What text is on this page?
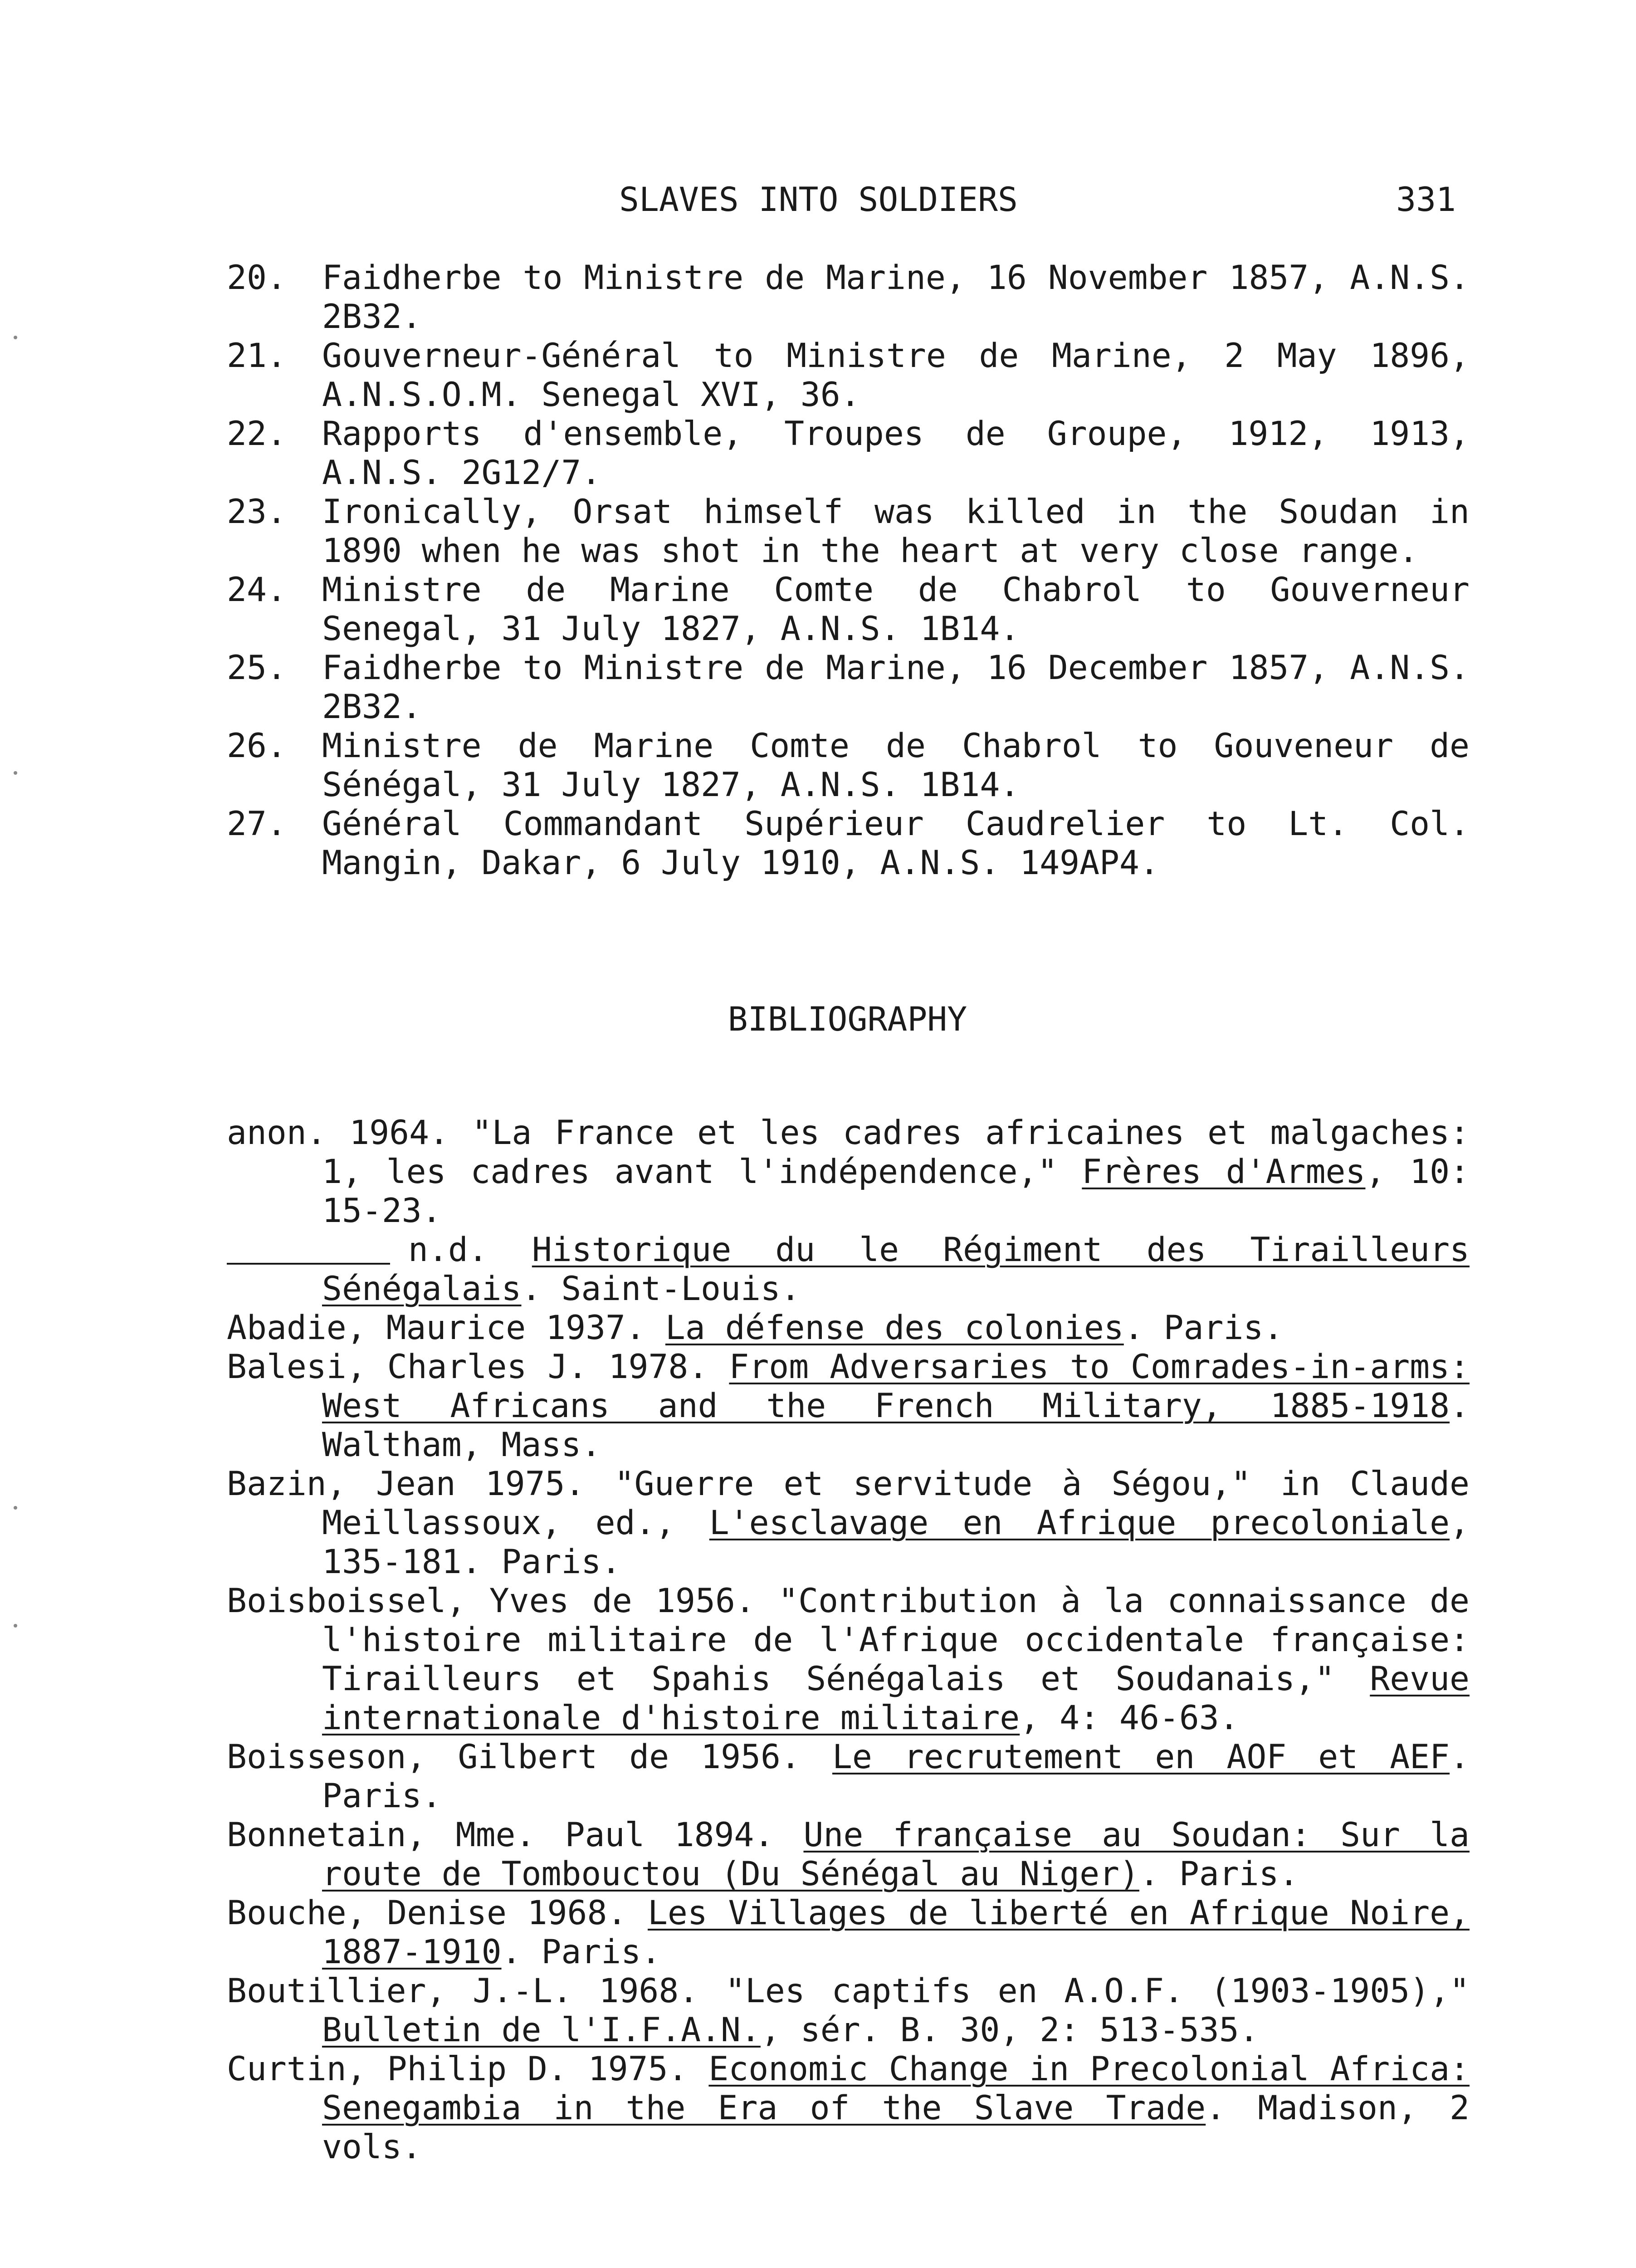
SLAVES INTO SOLDIERS	331

20. Faidherbe to Ministre de Marine, 16 November 1857, A.N.S. 2B32.

21. Gouverneur-Général to Ministre de Marine, 2 May 1896, A.N.S.O.M. Senegal XVI, 36.

22. Rapports d'ensemble, Troupes de Groupe, 1912, 1913, A.N.S. 2G12/7.

23. Ironically, Orsat himself was killed in the Soudan in 1890 when he was shot in the heart at very close range.

24. Ministre de Marine Comte de Chabrol to Gouverneur Senegal, 31 July 1827, A.N.S. 1B14.

25. Faidherbe to Ministre de Marine, 16 December 1857, A.N.S. 2B32.

26. Ministre de Marine Comte de Chabrol to Gouveneur de Sénégal, 31 July 1827, A.N.S. 1B14.

27. Général Commandant Supérieur Caudrelier to Lt. Col. Mangin, Dakar, 6 July 1910, A.N.S. 149AP4.

BIBLIOGRAPHY

anon. 1964. "La France et les cadres africaines et malgaches: 1, les cadres avant l'indépendence," Frères d'Armes, 10: 15-23.

n.d. Historique du le Régiment des Tirailleurs Sénégalais. Saint-Louis.

Abadie, Maurice 1937. La défense des colonies. Paris.

Balesi, Charles J. 1978. From Adversaries to Comrades-in-arms: West Africans and the French Military, 1885-1918. Waltham, Mass.

Bazin, Jean 1975. "Guerre et servitude à Ségou," in Claude Meillassoux, ed., L'esclavage en Afrique precoloniale, 135-181. Paris.

Boisboissel, Yves de 1956. "Contribution à la connaissance de l'histoire militaire de l'Afrique occidentale française: Tirailleurs et Spahis Sénégalais et Soudanais," Revue internationale d'histoire militaire, 4: 46-63.

Boisseson, Gilbert de 1956. Le recrutement en AOF et AEF. Paris.

Bonnetain, Mme. Paul 1894. Une française au Soudan: Sur la route de Tombouctou (Du Sénégal au Niger). Paris.

Bouche, Denise 1968. Les Villages de liberté en Afrique Noire, 1887-1910. Paris.

Boutillier, J.-L. 1968. "Les captifs en A.O.F. (1903-1905)," Bulletin de l'I.F.A.N., sér. B. 30, 2: 513-535.

Curtin, Philip D. 1975. Economic Change in Precolonial Africa: Senegambia in the Era of the Slave Trade. Madison, 2 vols.
